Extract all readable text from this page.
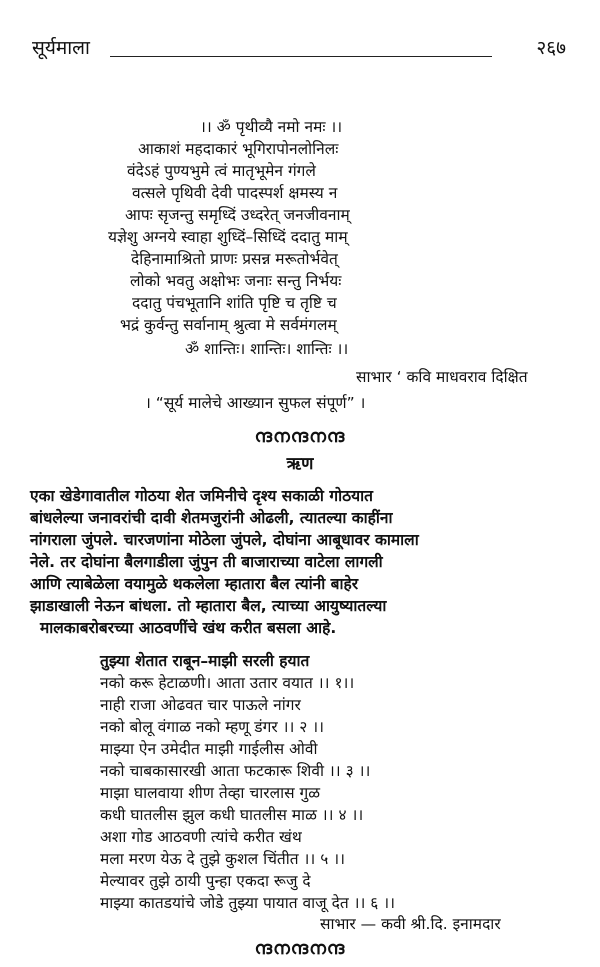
सूर्यमाला	२६७
।। ॐ पृथीव्यै नमो नमः ।।
आकाशं महदाकारं भूगिरापोनलोनिलः
वंदेऽहं पुण्यभुमे त्वं मातृभूमेन गंगले
वत्सले पृथिवी देवी पादस्पर्श क्षमस्य न
आपः सृजन्तु समृध्दिं उध्दरेत् जनजीवनाम्
यज्ञेशु अग्नये स्वाहा शुध्दिं–सिध्दिं ददातु माम्
देहिनामाश्रितो प्राणः प्रसन्न मरूतोर्भवेत्
लोको भवतु अक्षोभः जनाः सन्तु निर्भयः
ददातु पंचभूतानि शांति पृष्टि च तृष्टि च
भद्रं कुर्वन्तु सर्वानाम् श्रुत्वा मे सर्वमंगलम्
ॐ शान्तिः। शान्तिः। शान्तिः ।।
साभार ‘ कवि माधवराव दिक्षित
। “सूर्य मालेचे आख्यान सुफल संपूर्ण” ।
ന്ദനന്ദനന്ദ
ऋण
एका खेडेगावातील गोठया शेत जमिनीचे दृश्य सकाळी गोठयात
बांधलेल्या जनावरांची दावी शेतमजुरांनी ओढली, त्यातल्या काहींना
नांगराला जुंपले. चारजणांना मोठेला जुंपले, दोघांना आबूधावर कामाला
नेले. तर दोघांना बैलगाडीला जुंपुन ती बाजाराच्या वाटेला लागली
आणि त्याबेळेला वयामुळे थकलेला म्हातारा बैल त्यांनी बाहेर
झाडाखाली नेऊन बांधला. तो म्हातारा बैल, त्याच्या आयुष्यातल्या
मालकाबरोबरच्या आठवणींचे खंथ करीत बसला आहे.
तुझ्या शेतात राबून–माझी सरली हयात
नको करू हेटाळणी। आता उतार वयात ।। १।।
नाही राजा ओढवत चार पाऊले नांगर
नको बोलू वंगाळ नको म्हणू डंगर ।। २ ।।
माझ्या ऐन उमेदीत माझी गाईलीस ओवी
नको चाबकासारखी आता फटकारू शिवी ।। ३ ।।
माझा घालवाया शीण तेव्हा चारलास गुळ
कधी घातलीस झुल कधी घातलीस माळ ।। ४ ।।
अशा गोड आठवणी त्यांचे करीत खंथ
मला मरण येऊ दे तुझे कुशल चिंतीत ।। ५ ।।
मेल्यावर तुझे ठायी पुन्हा एकदा रूजु दे
माझ्या कातडयांचे जोडे तुझ्या पायात वाजू देत ।। ६ ।।
साभार — कवी श्री.दि. इनामदार
ന്ദനന്ദനന്ദ
